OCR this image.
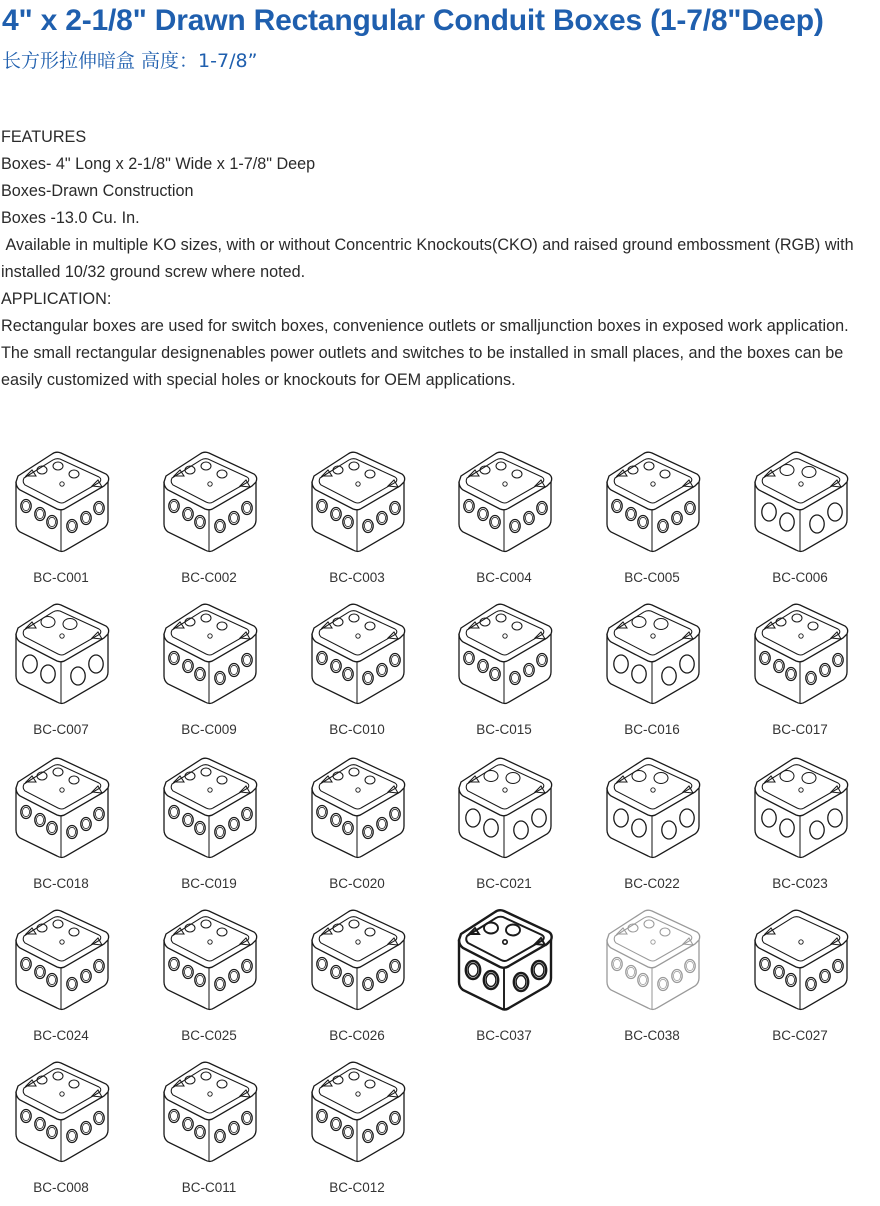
4" x 2-1/8" Drawn Rectangular Conduit Boxes (1-7/8"Deep)
长方形拉伸暗盒 高度：1-7/8”
FEATURES
Boxes- 4" Long x 2-1/8" Wide x 1-7/8" Deep
Boxes-Drawn Construction
Boxes -13.0 Cu. In.
Available in multiple KO sizes, with or without Concentric Knockouts(CKO) and raised ground embossment (RGB) with installed 10/32 ground screw where noted.
APPLICATION:
Rectangular boxes are used for switch boxes, convenience outlets or smalljunction boxes in exposed work application. The small rectangular designenables power outlets and switches to be installed in small places, and the boxes can be easily customized with special holes or knockouts for OEM applications.
BC-C001	BC-C002	BC-C003	BC-C004	BC-C005	BC-C006
BC-C007	BC-C009	BC-C010	BC-C015	BC-C016	BC-C017
BC-C018	BC-C019	BC-C020	BC-C021	BC-C022	BC-C023
BC-C024	BC-C025	BC-C026	BC-C037	BC-C038	BC-C027
BC-C008	BC-C011	BC-C012
